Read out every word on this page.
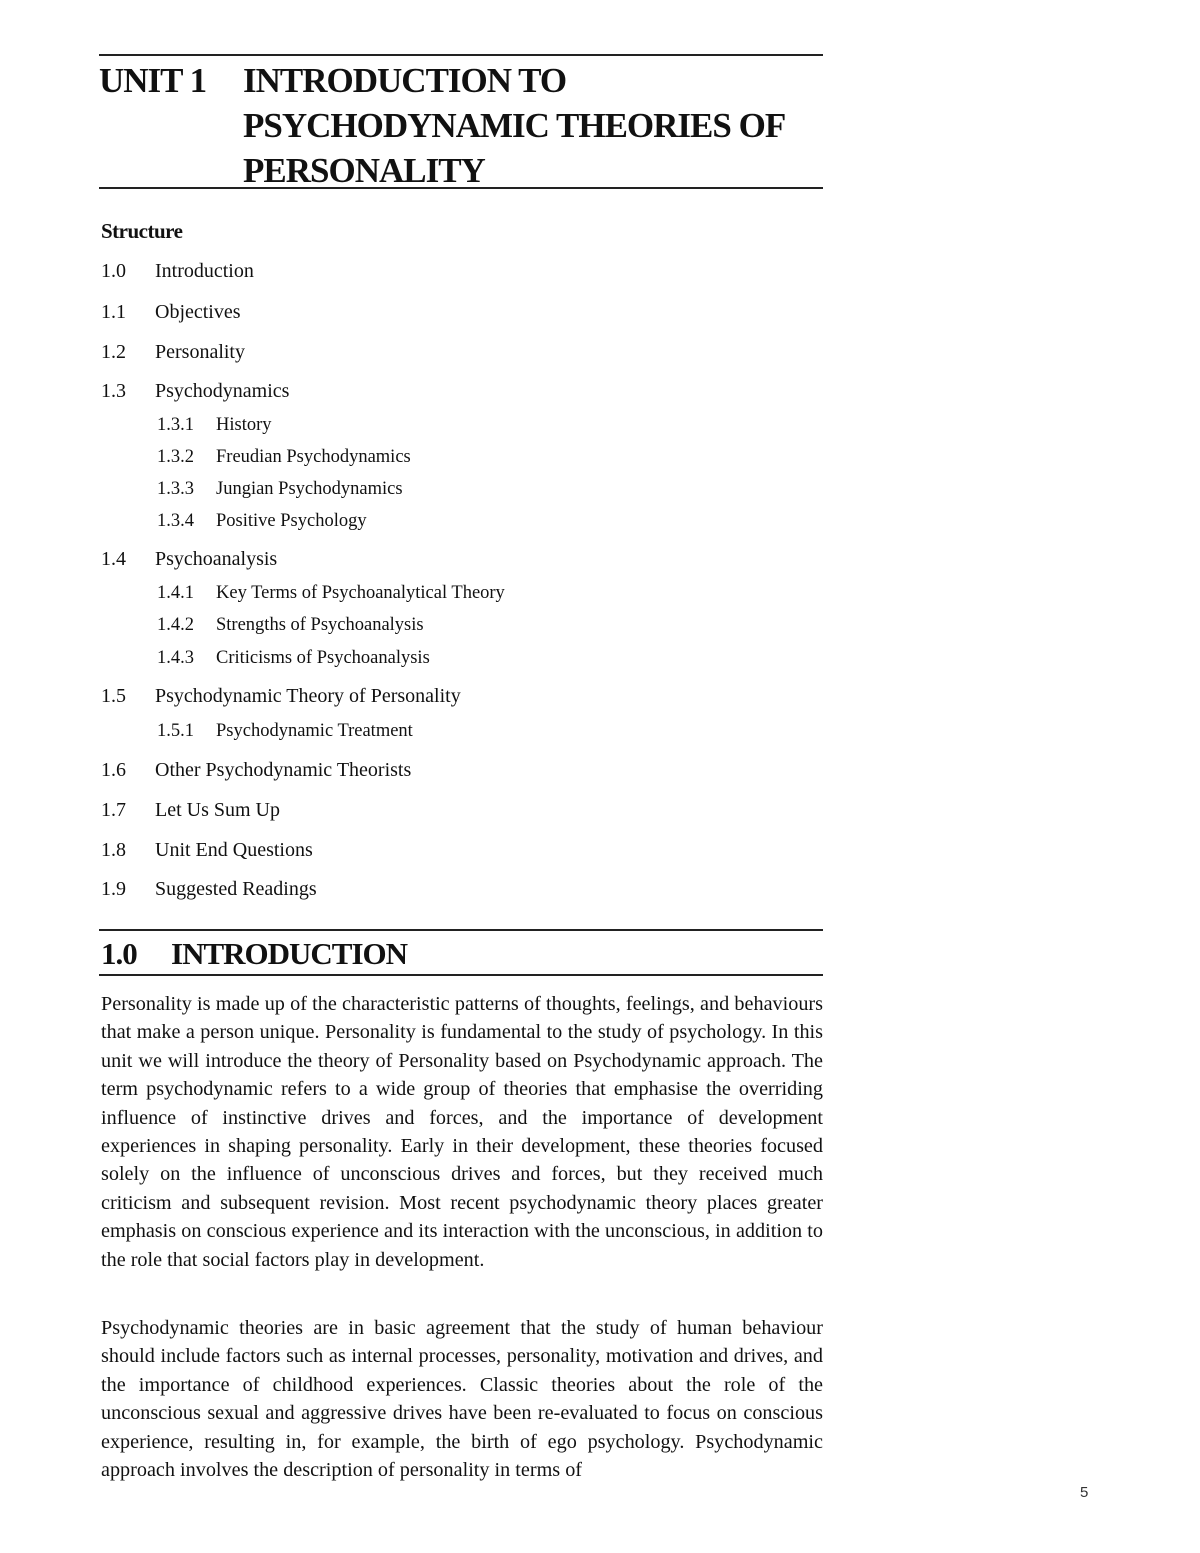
UNIT 1 INTRODUCTION TO PSYCHODYNAMIC THEORIES OF PERSONALITY
Structure
1.0 Introduction
1.1 Objectives
1.2 Personality
1.3 Psychodynamics
1.3.1 History
1.3.2 Freudian Psychodynamics
1.3.3 Jungian Psychodynamics
1.3.4 Positive Psychology
1.4 Psychoanalysis
1.4.1 Key Terms of Psychoanalytical Theory
1.4.2 Strengths of Psychoanalysis
1.4.3 Criticisms of Psychoanalysis
1.5 Psychodynamic Theory of Personality
1.5.1 Psychodynamic Treatment
1.6 Other Psychodynamic Theorists
1.7 Let Us Sum Up
1.8 Unit End Questions
1.9 Suggested Readings
1.0 INTRODUCTION

Personality is made up of the characteristic patterns of thoughts, feelings, and behaviours that make a person unique. Personality is fundamental to the study of psychology. In this unit we will introduce the theory of Personality based on Psychodynamic approach. The term psychodynamic refers to a wide group of theories that emphasise the overriding influence of instinctive drives and forces, and the importance of development experiences in shaping personality. Early in their development, these theories focused solely on the influence of unconscious drives and forces, but they received much criticism and subsequent revision. Most recent psychodynamic theory places greater emphasis on conscious experience and its interaction with the unconscious, in addition to the role that social factors play in development.

Psychodynamic theories are in basic agreement that the study of human behaviour should include factors such as internal processes, personality, motivation and drives, and the importance of childhood experiences. Classic theories about the role of the unconscious sexual and aggressive drives have been re-evaluated to focus on conscious experience, resulting in, for example, the birth of ego psychology. Psychodynamic approach involves the description of personality in terms of

5
